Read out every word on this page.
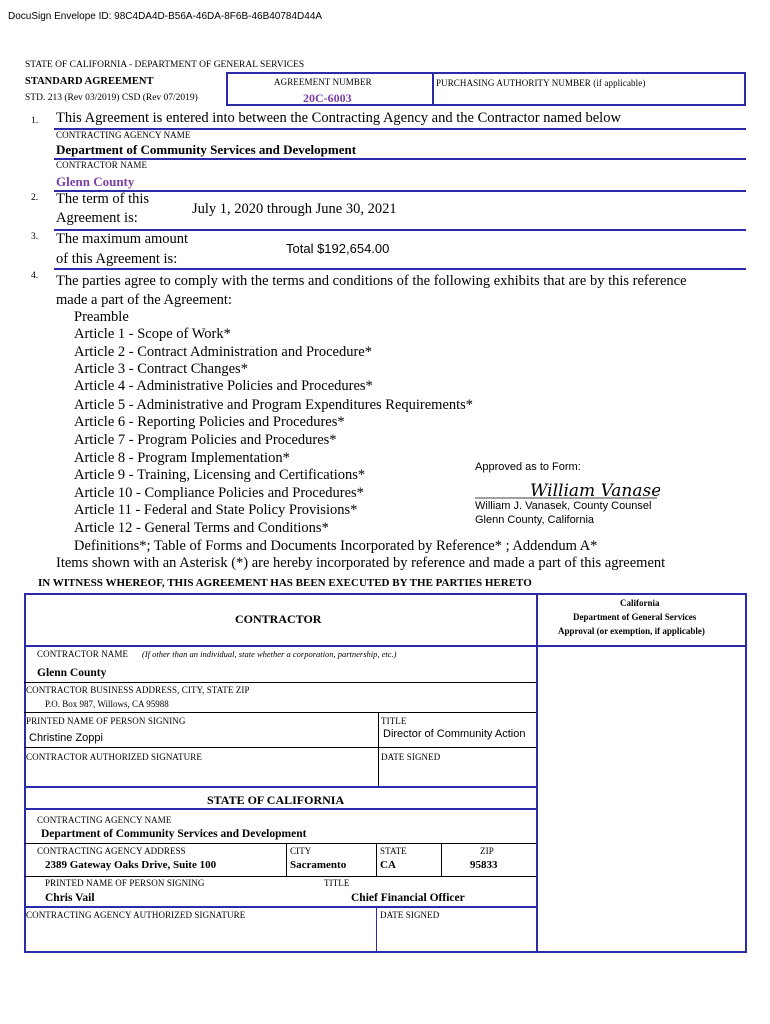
DocuSign Envelope ID: 98C4DA4D-B56A-46DA-8F6B-46B40784D44A
STATE OF CALIFORNIA - DEPARTMENT OF GENERAL SERVICES
STANDARD AGREEMENT
STD. 213 (Rev 03/2019) CSD (Rev 07/2019)
AGREEMENT NUMBER
20C-6003
PURCHASING AUTHORITY NUMBER (if applicable)
1. This Agreement is entered into between the Contracting Agency and the Contractor named below
CONTRACTING AGENCY NAME
Department of Community Services and Development
CONTRACTOR NAME
Glenn County
2. The term of this
Agreement is:
July 1, 2020 through June 30, 2021
3. The maximum amount
of this Agreement is:
Total $192,654.00
4. The parties agree to comply with the terms and conditions of the following exhibits that are by this reference
made a part of the Agreement:
Preamble
Article 1 - Scope of Work*
Article 2 - Contract Administration and Procedure*
Article 3 - Contract Changes*
Article 4 - Administrative Policies and Procedures*
Article 5 - Administrative and Program Expenditures Requirements*
Article 6 - Reporting Policies and Procedures*
Article 7 - Program Policies and Procedures*
Article 8 - Program Implementation*
Article 9 - Training, Licensing and Certifications*
Article 10 - Compliance Policies and Procedures*
Article 11 - Federal and State Policy Provisions*
Article 12 - General Terms and Conditions*
Definitions*; Table of Forms and Documents Incorporated by Reference* ; Addendum A*
Items shown with an Asterisk (*) are hereby incorporated by reference and made a part of this agreement
Approved as to Form:
William Vanasek
William J. Vanasek, County Counsel
Glenn County, California
IN WITNESS WHEREOF, THIS AGREEMENT HAS BEEN EXECUTED BY THE PARTIES HERETO
CONTRACTOR
California
Department of General Services
Approval (or exemption, if applicable)
CONTRACTOR NAME (If other than an individual, state whether a corporation, partnership, etc.)
Glenn County
CONTRACTOR BUSINESS ADDRESS, CITY, STATE ZIP
P.O. Box 987, Willows, CA 95988
PRINTED NAME OF PERSON SIGNING
Christine Zoppi
TITLE
Director of Community Action
CONTRACTOR AUTHORIZED SIGNATURE	DATE SIGNED
STATE OF CALIFORNIA
CONTRACTING AGENCY NAME
Department of Community Services and Development
CONTRACTING AGENCY ADDRESS
2389 Gateway Oaks Drive, Suite 100
CITY
Sacramento
STATE
CA
ZIP
95833
PRINTED NAME OF PERSON SIGNING
Chris Vail
TITLE
Chief Financial Officer
CONTRACTING AGENCY AUTHORIZED SIGNATURE	DATE SIGNED
